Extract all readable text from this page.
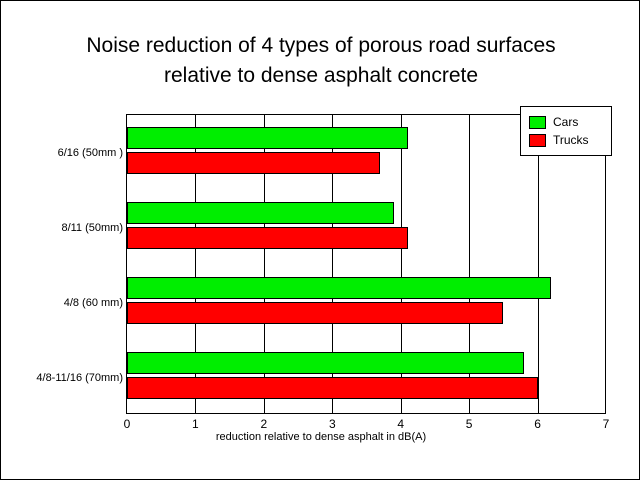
Noise reduction of 4 types of porous road surfaces
relative to dense asphalt concrete
6/16 (50mm )
8/11 (50mm)
4/8 (60 mm)
4/8-11/16 (70mm)
0	1	2	3	4	5	6	7
reduction relative to dense asphalt in dB(A)
Cars
Trucks
